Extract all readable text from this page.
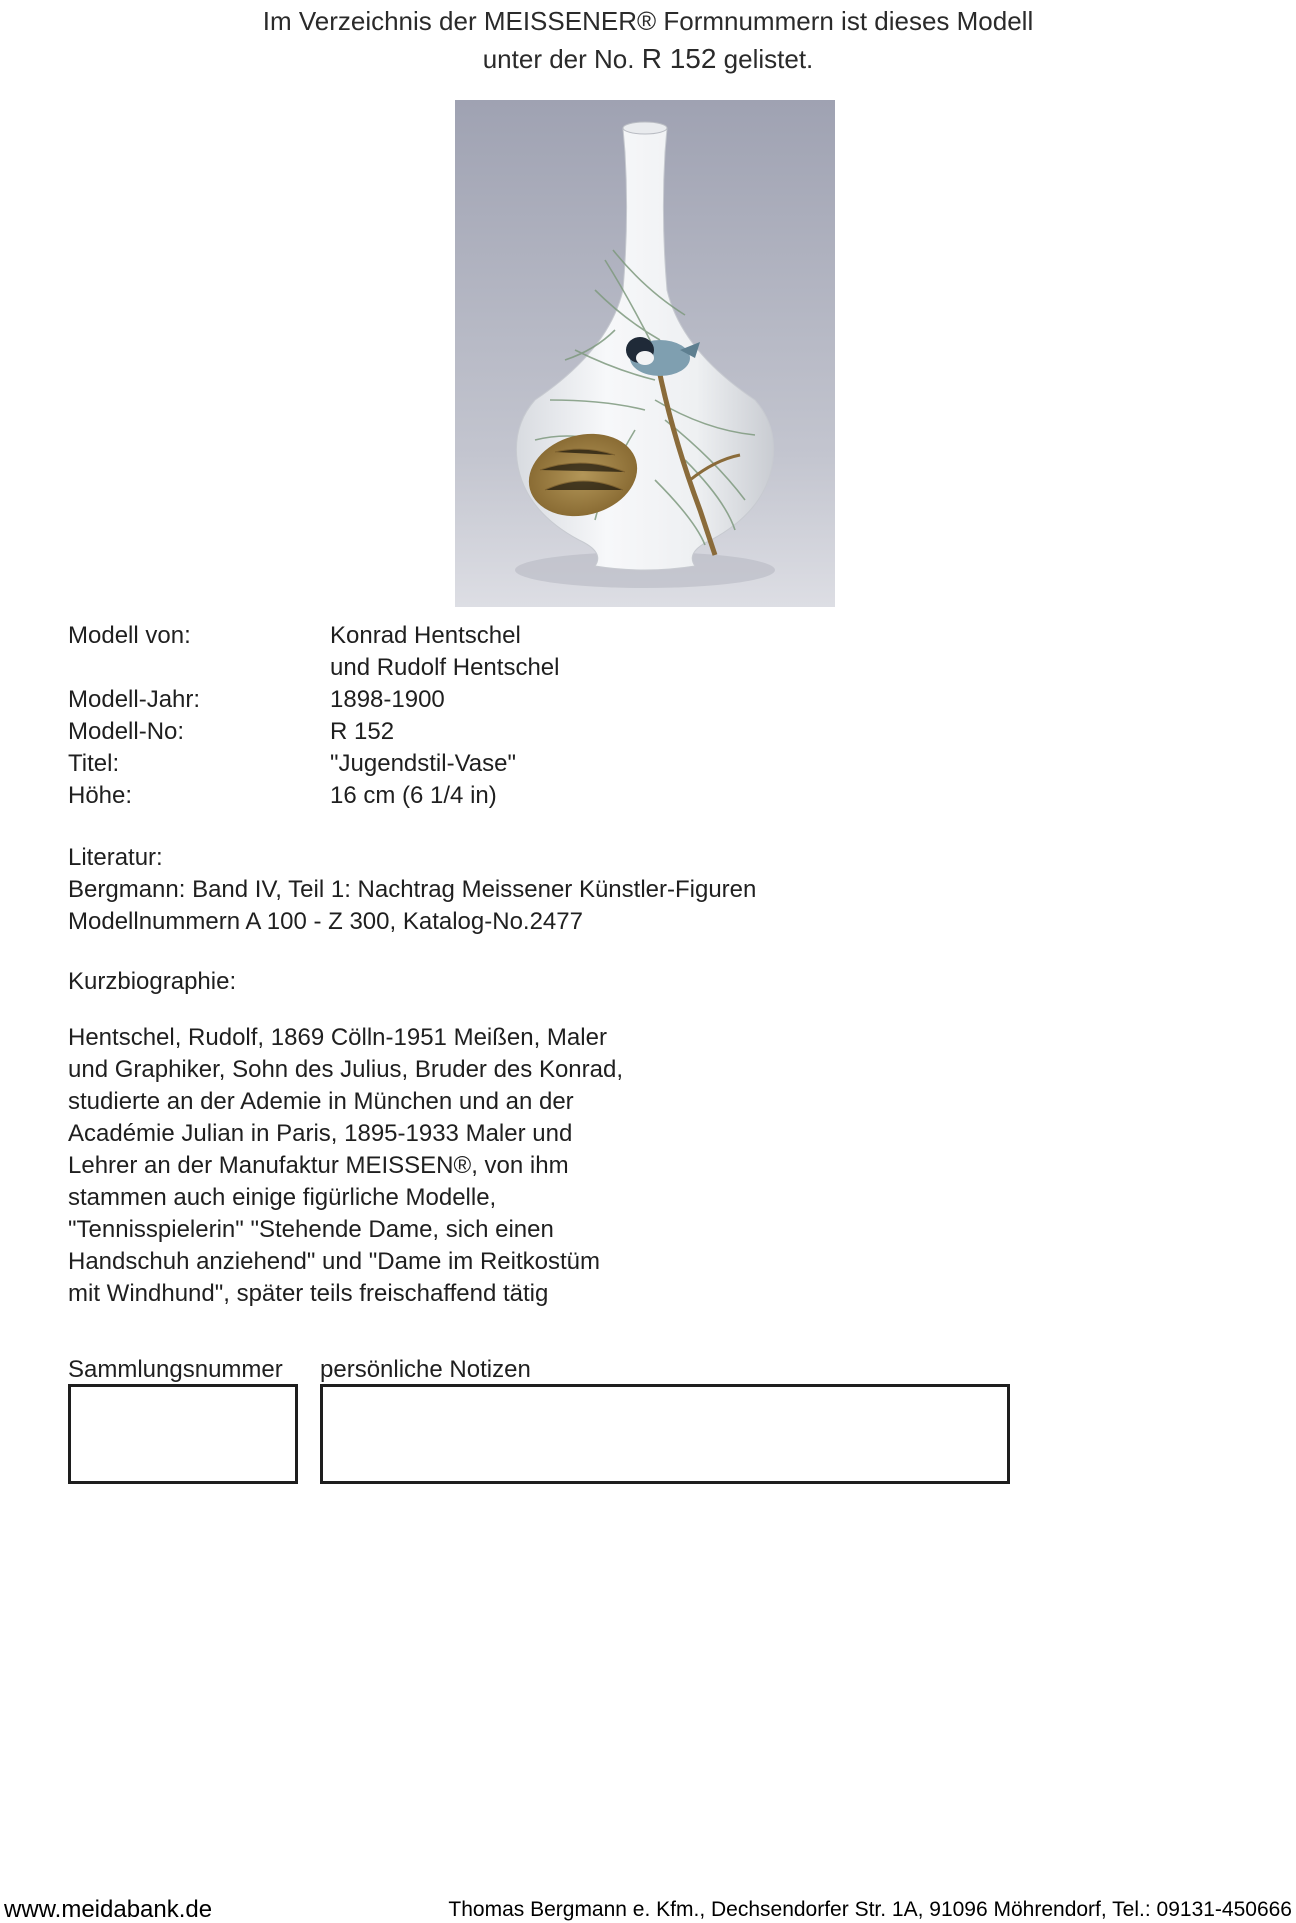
Im Verzeichnis der MEISSENER® Formnummern ist dieses Modell
unter der No. R 152 gelistet.
Modell von:	Konrad Hentschel
und Rudolf Hentschel
Modell-Jahr:	1898-1900
Modell-No:	R 152
Titel:	"Jugendstil-Vase"
Höhe:	16 cm (6 1/4 in)
Literatur:
Bergmann: Band IV, Teil 1: Nachtrag Meissener Künstler-Figuren
Modellnummern A 100 - Z 300, Katalog-No.2477
Kurzbiographie:
Hentschel, Rudolf, 1869 Cölln-1951 Meißen, Maler
und Graphiker, Sohn des Julius, Bruder des Konrad,
studierte an der Ademie in München und an der
Académie Julian in Paris, 1895-1933 Maler und
Lehrer an der Manufaktur MEISSEN®, von ihm
stammen auch einige figürliche Modelle,
"Tennisspielerin" "Stehende Dame, sich einen
Handschuh anziehend" und "Dame im Reitkostüm
mit Windhund", später teils freischaffend tätig
Sammlungsnummer persönliche Notizen
www.meidabank.de	Thomas Bergmann e. Kfm., Dechsendorfer Str. 1A, 91096 Möhrendorf, Tel.: 09131-450666
